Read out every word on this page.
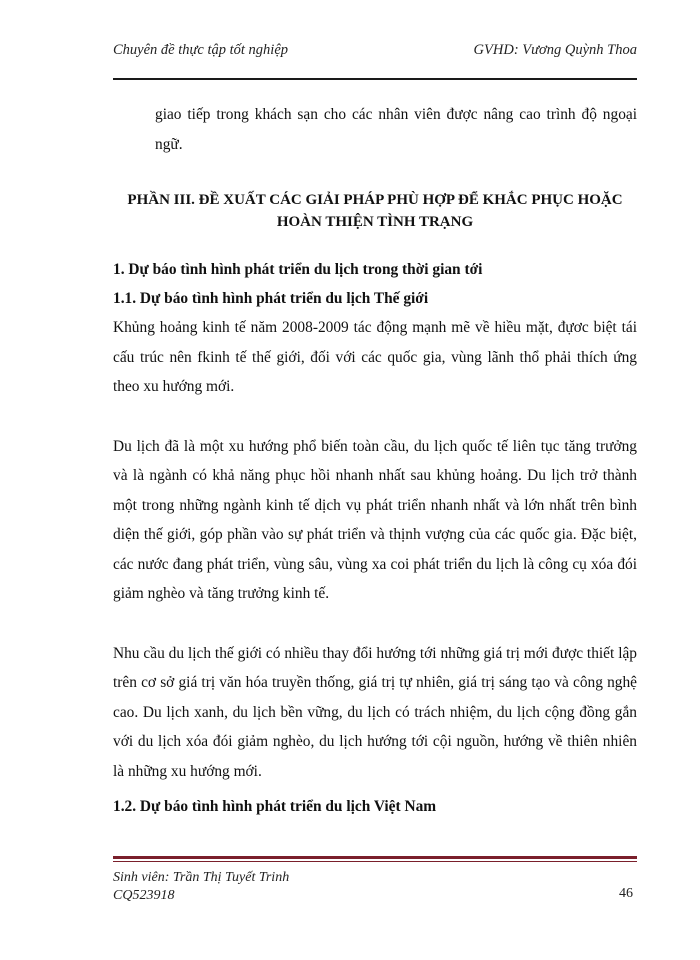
Chuyên đề thực tập tốt nghiệp	GVHD: Vương Quỳnh Thoa

giao tiếp trong khách sạn cho các nhân viên được nâng cao trình độ ngoại ngữ.

PHẦN III. ĐỀ XUẤT CÁC GIẢI PHÁP PHÙ HỢP ĐỂ KHẮC PHỤC HOẶC
HOÀN THIỆN TÌNH TRẠNG

1. Dự báo tình hình phát triển du lịch trong thời gian tới

1.1. Dự báo tình hình phát triển du lịch Thế giới

Khủng hoảng kinh tế năm 2008-2009 tác động mạnh mẽ về hiều mặt, đựơc biệt tái cấu trúc nên fkinh tế thế giới, đối với các quốc gia, vùng lãnh thổ phải thích ứng theo xu hướng mới.

Du lịch đã là một xu hướng phổ biến toàn cầu, du lịch quốc tế liên tục tăng trưởng và là ngành có khả năng phục hồi nhanh nhất sau khủng hoảng. Du lịch trở thành một trong những ngành kinh tế dịch vụ phát triển nhanh nhất và lớn nhất trên bình diện thế giới, góp phần vào sự phát triển và thịnh vượng của các quốc gia. Đặc biệt, các nước đang phát triển, vùng sâu, vùng xa coi phát triển du lịch là công cụ xóa đói giảm nghèo và tăng trưởng kinh tế.

Nhu cầu du lịch thế giới có nhiều thay đổi hướng tới những giá trị mới được thiết lập trên cơ sở giá trị văn hóa truyền thống, giá trị tự nhiên, giá trị sáng tạo và công nghệ cao. Du lịch xanh, du lịch bền vững, du lịch có trách nhiệm, du lịch cộng đồng gắn với du lịch xóa đói giảm nghèo, du lịch hướng tới cội nguồn, hướng về thiên nhiên là những xu hướng mới.

1.2. Dự báo tình hình phát triển du lịch Việt Nam

Sinh viên: Trần Thị Tuyết Trinh
CQ523918	46
